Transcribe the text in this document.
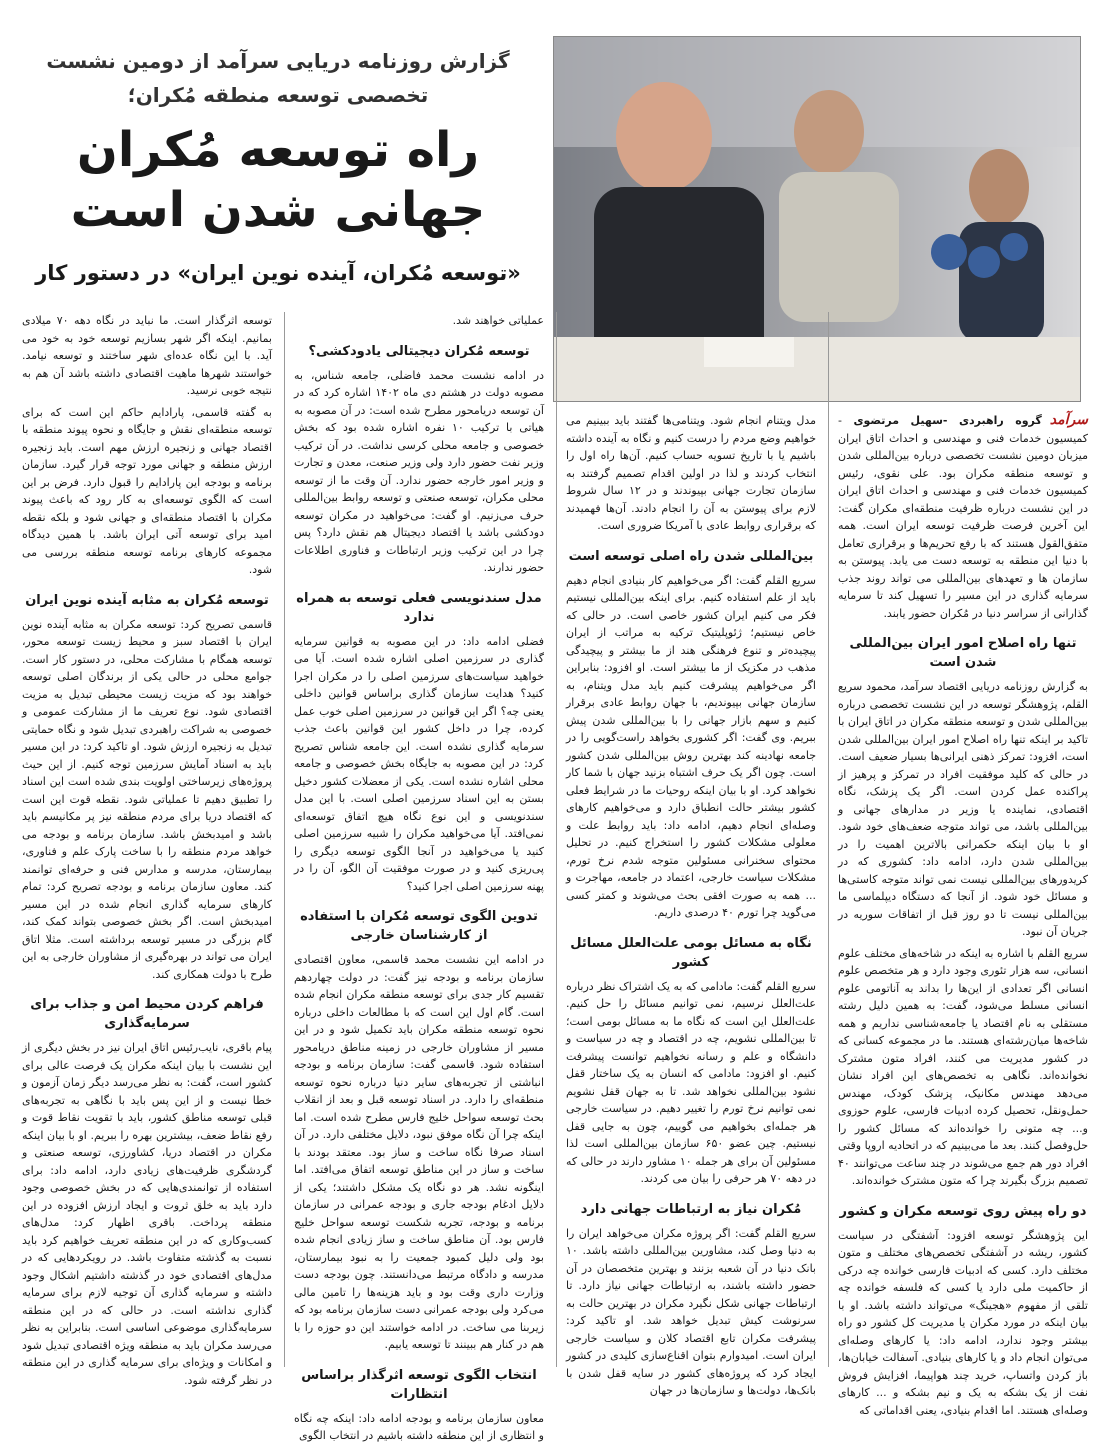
گزارش روزنامه دریایی سرآمد از دومین نشست تخصصی توسعه منطقه مُکران؛
راه توسعه مُکران جهانی شدن است
«توسعه مُکران، آینده نوین ایران» در دستور کار

توسعه اثرگذار است. ما نباید در نگاه دهه ۷۰ میلادی بمانیم. اینکه اگر شهر بسازیم توسعه خود به خود می آید. با این نگاه عده‌ای شهر ساختند و توسعه نیامد. خواستند شهرها ماهیت اقتصادی داشته باشد آن هم به نتیجه خوبی نرسید.

به گفته قاسمی، پارادایم حاکم این است که برای توسعه منطقه‌ای نقش و جایگاه و نحوه پیوند منطقه با اقتصاد جهانی و زنجیره ارزش مهم است. باید زنجیره ارزش منطقه و جهانی مورد توجه قرار گیرد. سازمان برنامه و بودجه این پارادایم را قبول دارد. فرض بر این است که الگوی توسعه‌ای به کار رود که باعث پیوند مکران با اقتصاد منطقه‌ای و جهانی شود و بلکه نقطه امید برای توسعه آتی ایران باشد. با همین دیدگاه مجموعه کارهای برنامه توسعه منطقه بررسی می شود.

توسعه مُکران به مثابه آینده نوین ایران

قاسمی تصریح کرد: توسعه مکران به مثابه آینده نوین ایران با اقتصاد سبز و محیط زیست توسعه محور، توسعه همگام با مشارکت محلی، در دستور کار است. جوامع محلی در حالی یکی از برندگان اصلی توسعه خواهند بود که مزیت زیست محیطی تبدیل به مزیت اقتصادی شود. نوع تعریف ما از مشارکت عمومی و خصوصی به شراکت راهبردی تبدیل شود و نگاه حمایتی تبدیل به زنجیره ارزش شود. او تاکید کرد: در این مسیر باید به اسناد آمایش سرزمین توجه کنیم. از این حیث پروژه‌های زیرساختی اولویت بندی شده است این اسناد را تطبیق دهیم تا عملیاتی شود. نقطه قوت این است که اقتصاد دریا برای مردم منطقه نیز پر مکانیسم باید باشد و امیدبخش باشد. سازمان برنامه و بودجه می خواهد مردم منطقه را با ساخت پارک علم و فناوری، بیمارستان، مدرسه و مدارس فنی و حرفه‌ای توانمند کند. معاون سازمان برنامه و بودجه تصریح کرد: تمام کارهای سرمایه گذاری انجام شده در این مسیر امیدبخش است. اگر بخش خصوصی بتواند کمک کند، گام بزرگی در مسیر توسعه برداشته است. مثلا اتاق ایران می تواند در بهره‌گیری از مشاوران خارجی به این طرح با دولت همکاری کند.

فراهم کردن محیط امن و جذاب برای سرمایه‌گذاری

پیام باقری، نایب‌رئیس اتاق ایران نیز در بخش دیگری از این نشست با بیان اینکه مکران یک فرصت عالی برای کشور است، گفت: به نظر می‌رسد دیگر زمان آزمون و خطا نیست و از این پس باید با نگاهی به تجربه‌های قبلی توسعه مناطق کشور، باید با تقویت نقاط قوت و رفع نقاط ضعف، بیشترین بهره را ببریم. او با بیان اینکه مکران در اقتصاد دریا، کشاورزی، توسعه صنعتی و گردشگری ظرفیت‌های زیادی دارد، ادامه داد: برای استفاده از توانمندی‌هایی که در بخش خصوصی وجود دارد باید به خلق ثروت و ایجاد ارزش افزوده در این منطقه پرداخت. باقری اظهار کرد: مدل‌های کسب‌وکاری که در این منطقه تعریف خواهیم کرد باید نسبت به گذشته متفاوت باشد. در رویکردهایی که در مدل‌های اقتصادی خود در گذشته داشتیم اشکال وجود داشته و سرمایه گذاری آن توجیه لازم برای سرمایه گذاری نداشته است. در حالی که در این منطقه سرمایه‌گذاری موضوعی اساسی است. بنابراین به نظر می‌رسد مکران باید به منطقه ویژه اقتصادی تبدیل شود و امکانات و ویژه‌ای برای سرمایه گذاری در این منطقه در نظر گرفته شود.

عملیاتی خواهند شد.

توسعه مُکران دیجیتالی یادودکشی؟

در ادامه نشست محمد فاضلی، جامعه شناس، به مصوبه دولت در هشتم دی ماه ۱۴۰۲ اشاره کرد که در آن توسعه دریامحور مطرح شده است: در آن مصوبه به هیاتی با ترکیب ۱۰ نفره اشاره شده بود که بخش خصوصی و جامعه محلی کرسی نداشت. در آن ترکیب وزیر نفت حضور دارد ولی وزیر صنعت، معدن و تجارت و وزیر امور خارجه حضور ندارد. آن وقت ما از توسعه محلی مکران، توسعه صنعتی و توسعه روابط بین‌المللی حرف می‌زنیم. او گفت: می‌خواهید در مکران توسعه دودکشی باشد یا اقتصاد دیجیتال هم نقش دارد؟ پس چرا در این ترکیب وزیر ارتباطات و فناوری اطلاعات حضور ندارند.

مدل سندنویسی فعلی توسعه به همراه ندارد

فضلی ادامه داد: در این مصوبه به قوانین سرمایه گذاری در سرزمین اصلی اشاره شده است. آیا می خواهید سیاست‌های سرزمین اصلی را در مکران اجرا کنید؟ هدایت سازمان گذاری براساس قوانین داخلی یعنی چه؟ اگر این قوانین در سرزمین اصلی خوب عمل کرده، چرا در داخل کشور این قوانین باعث جذب سرمایه گذاری نشده است. این جامعه شناس تصریح کرد: در این مصوبه به جایگاه بخش خصوصی و جامعه محلی اشاره نشده است. یکی از معضلات کشور دخیل بستن به این اسناد سرزمین اصلی است. با این مدل سندنویسی و این نوع نگاه هیچ اتفاق توسعه‌ای نمی‌افتد. آیا می‌خواهید مکران را شبیه سرزمین اصلی کنید یا می‌خواهید در آنجا الگوی توسعه دیگری را پی‌ریزی کنید و در صورت موفقیت آن الگو، آن را در پهنه سرزمین اصلی اجرا کنید؟

تدوین الگوی توسعه مُکران با استفاده از کارشناسان خارجی

در ادامه این نشست محمد قاسمی، معاون اقتصادی سازمان برنامه و بودجه نیز گفت: در دولت چهاردهم تقسیم کار جدی برای توسعه منطقه مکران انجام شده است. گام اول این است که با مطالعات داخلی درباره نحوه توسعه منطقه مکران باید تکمیل شود و در این مسیر از مشاوران خارجی در زمینه مناطق دریامحور استفاده شود. قاسمی گفت: سازمان برنامه و بودجه انباشتی از تجربه‌های سایر دنیا درباره نحوه توسعه منطقه‌ای را دارد. در اسناد توسعه قبل و بعد از انقلاب بحث توسعه سواحل خلیج فارس مطرح شده است. اما اینکه چرا آن نگاه موفق نبود، دلایل مختلفی دارد. در آن اسناد صرفا نگاه ساخت و ساز بود. معتقد بودند با ساخت و ساز در این مناطق توسعه اتفاق می‌افتد. اما اینگونه نشد. هر دو نگاه یک مشکل داشتند؛ یکی از دلایل ادغام بودجه جاری و بودجه عمرانی در سازمان برنامه و بودجه، تجربه شکست توسعه سواحل خلیج فارس بود. آن مناطق ساخت و ساز زیادی انجام شده بود ولی دلیل کمبود جمعیت را به نبود بیمارستان، مدرسه و دادگاه مرتبط می‌دانستند. چون بودجه دست وزارت داری وقت بود و باید هزینه‌ها را تامین مالی می‌کرد ولی بودجه عمرانی دست سازمان برنامه بود که زیربنا می ساخت. در ادامه خواستند این دو حوزه را با هم در کنار هم ببینند تا توسعه یابیم.

انتخاب الگوی توسعه اثرگذار براساس انتظارات

معاون سازمان برنامه و بودجه ادامه داد: اینکه چه نگاه و انتظاری از این منطقه داشته باشیم در انتخاب الگوی

مدل ویتنام انجام شود. ویتنامی‌ها گفتند باید ببینیم می خواهیم وضع مردم را درست کنیم و نگاه به آینده داشته باشیم یا با تاریخ تسویه حساب کنیم. آن‌ها راه اول را انتخاب کردند و لذا در اولین اقدام تصمیم گرفتند به سازمان تجارت جهانی بپیوندند و در ۱۲ سال شروط لازم برای پیوستن به آن را انجام دادند. آن‌ها فهمیدند که برقراری روابط عادی با آمریکا ضروری است.

بین‌المللی شدن راه اصلی توسعه است

سریع القلم گفت: اگر می‌خواهیم کار بنیادی انجام دهیم باید از علم استفاده کنیم. برای اینکه بین‌المللی نیستیم فکر می کنیم ایران کشور خاصی است. در حالی که خاص نیستیم؛ ژئوپلیتیک ترکیه به مراتب از ایران پیچیده‌تر و تنوع فرهنگی هند از ما بیشتر و پیچیدگی مذهب در مکزیک از ما بیشتر است. او افزود: بنابراین اگر می‌خواهیم پیشرفت کنیم باید مدل ویتنام، به سازمان جهانی بپیوندیم، با جهان روابط عادی برقرار کنیم و سهم بازار جهانی را با بین‌المللی شدن پیش ببریم. وی گفت: اگر کشوری بخواهد راست‌گویی را در جامعه نهادینه کند بهترین روش بین‌المللی شدن کشور است. چون اگر یک حرف اشتباه بزنید جهان با شما کار نخواهد کرد. او با بیان اینکه روحیات ما در شرایط فعلی کشور بیشتر حالت انطباق دارد و می‌خواهیم کارهای وصله‌ای انجام دهیم، ادامه داد: باید روابط علت و معلولی مشکلات کشور را استخراج کنیم. در تحلیل محتوای سخنرانی مسئولین متوجه شدم نرخ تورم، مشکلات سیاست خارجی، اعتماد در جامعه، مهاجرت و ... همه به صورت افقی بحث می‌شوند و کمتر کسی می‌گوید چرا تورم ۴۰ درصدی داریم.

نگاه به مسائل بومی علت‌العلل مسائل کشور

سریع القلم گفت: مادامی که به یک اشتراک نظر درباره علت‌العلل نرسیم، نمی توانیم مسائل را حل کنیم. علت‌العلل این است که نگاه ما به مسائل بومی است؛ تا بین‌المللی نشویم، چه در اقتصاد و چه در سیاست و دانشگاه و علم و رسانه نخواهیم توانست پیشرفت کنیم. او افزود: مادامی که انسان به یک ساختار قفل نشود بین‌المللی نخواهد شد. تا به جهان قفل نشویم نمی توانیم نرخ تورم را تغییر دهیم. در سیاست خارجی هر جمله‌ای بخواهیم می گوییم، چون به جایی قفل نیستیم. چین عضو ۶۵۰ سازمان بین‌المللی است لذا مسئولین آن برای هر جمله ۱۰ مشاور دارند در حالی که در دهه ۷۰ هر حرفی را بیان می کردند.

مُکران نیاز به ارتباطات جهانی دارد

سریع القلم گفت: اگر پروژه مکران می‌خواهد ایران را به دنیا وصل کند، مشاورین بین‌المللی داشته باشد. ۱۰ بانک دنیا در آن شعبه بزنند و بهترین متخصصان در آن حضور داشته باشند، به ارتباطات جهانی نیاز دارد. تا ارتباطات جهانی شکل نگیرد مکران در بهترین حالت به سرنوشت کیش تبدیل خواهد شد. او تاکید کرد: پیشرفت مکران تابع اقتصاد کلان و سیاست خارجی ایران است. امیدوارم بتوان اقناع‌سازی کلیدی در کشور ایجاد کرد که پروژه‌های کشور در سایه قفل شدن با بانک‌ها، دولت‌ها و سازمان‌ها در جهان

سرآمد

گروه راهبردی -سهیل مرتضوی - کمیسیون خدمات فنی و مهندسی و احداث اتاق ایران میزبان دومین نشست تخصصی درباره بین‌المللی شدن و توسعه منطقه مکران بود. علی نقوی، رئیس کمیسیون خدمات فنی و مهندسی و احداث اتاق ایران در این نشست درباره ظرفیت منطقه‌ای مکران گفت: این آخرین فرصت ظرفیت توسعه ایران است. همه متفق‌القول هستند که با رفع تحریم‌ها و برقراری تعامل با دنیا این منطقه به توسعه دست می یابد. پیوستن به سازمان ها و تعهدهای بین‌المللی می تواند روند جذب سرمایه گذاری در این مسیر را تسهیل کند تا سرمایه گذارانی از سراسر دنیا در مُکران حضور یابند.

تنها راه اصلاح امور ایران بین‌المللی شدن است

به گزارش روزنامه دریایی اقتصاد سرآمد، محمود سریع القلم، پژوهشگر توسعه در این نشست تخصصی درباره بین‌المللی شدن و توسعه منطقه مکران در اتاق ایران با تاکید بر اینکه تنها راه اصلاح امور ایران بین‌المللی شدن است، افزود: تمرکز ذهنی ایرانی‌ها بسیار ضعیف است. در حالی که کلید موفقیت افراد در تمرکز و پرهیز از پراکنده عمل کردن است. اگر یک پزشک، نگاه اقتصادی، نماینده یا وزیر در مدارهای جهانی و بین‌المللی باشد، می تواند متوجه ضعف‌های خود شود. او با بیان اینکه حکمرانی بالاترین اهمیت را در بین‌المللی شدن دارد، ادامه داد: کشوری که در کریدورهای بین‌المللی نیست نمی تواند متوجه کاستی‌ها و مسائل خود شود. از آنجا که دستگاه دیپلماسی ما بین‌المللی نیست تا دو روز قبل از اتفاقات سوریه در جریان آن نبود.

سریع القلم با اشاره به اینکه در شاخه‌های مختلف علوم انسانی، سه هزار تئوری وجود دارد و هر متخصص علوم انسانی اگر تعدادی از این‌ها را بداند به آناتومی علوم انسانی مسلط می‌شود، گفت: به همین دلیل رشته مستقلی به نام اقتصاد یا جامعه‌شناسی نداریم و همه شاخه‌ها میان‌رشته‌ای هستند. ما در مجموعه کسانی که در کشور مدیریت می کنند، افراد متون مشترک نخوانده‌اند. نگاهی به تخصص‌های این افراد نشان می‌دهد مهندس مکانیک، پزشک کودک، مهندس حمل‌ونقل، تحصیل کرده ادبیات فارسی، علوم حوزوی و... چه متونی را خوانده‌اند که مسائل کشور را حل‌وفصل کنند. بعد ما می‌بینیم که در اتحادیه اروپا وقتی افراد دور هم جمع می‌شوند در چند ساعت می‌توانند ۴۰ تصمیم بزرگ بگیرند چرا که متون مشترک خوانده‌اند.

دو راه پیش روی توسعه مکران و کشور

این پژوهشگر توسعه افزود: آشفتگی در سیاست کشور، ریشه در آشفتگی تخصص‌های مختلف و متون مختلف دارد. کسی که ادبیات فارسی خوانده چه درکی از حاکمیت ملی دارد یا کسی که فلسفه خوانده چه تلقی از مفهوم «هجینگ» می‌تواند داشته باشد. او با بیان اینکه در مورد مکران یا مدیریت کل کشور دو راه بیشتر وجود ندارد، ادامه داد: یا کارهای وصله‌ای می‌توان انجام داد و یا کارهای بنیادی. آسفالت خیابان‌ها، باز کردن واتساپ، خرید چند هواپیما، افزایش فروش نفت از یک بشکه به یک و نیم بشکه و ... کارهای وصله‌ای هستند. اما اقدام بنیادی، یعنی اقداماتی که
